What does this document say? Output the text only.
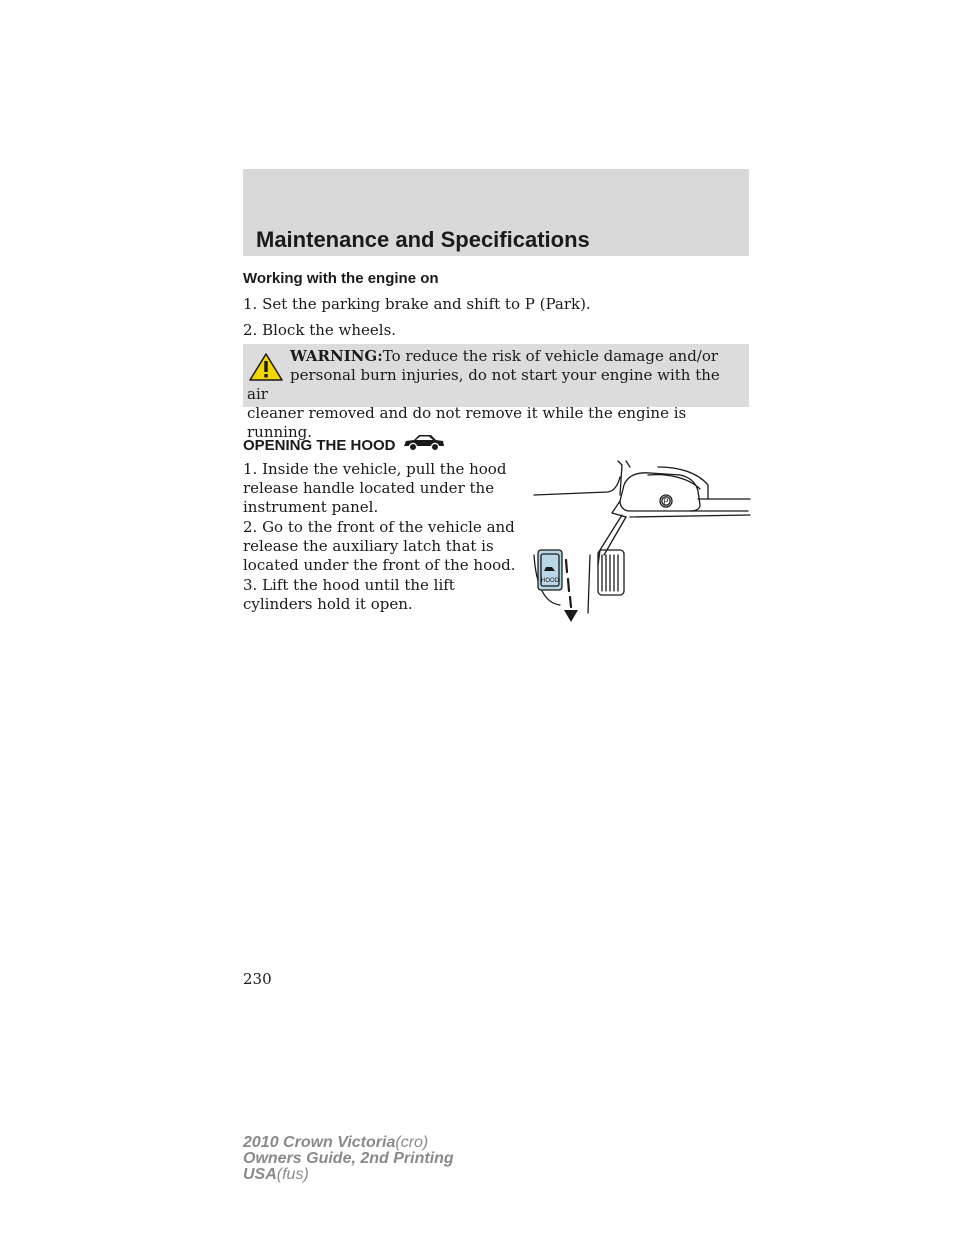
Maintenance and Specifications
Working with the engine on
1. Set the parking brake and shift to P (Park).
2. Block the wheels.
WARNING:To reduce the risk of vehicle damage and/or
personal burn injuries, do not start your engine with the air
cleaner removed and do not remove it while the engine is running.
OPENING THE HOOD
1. Inside the vehicle, pull the hood
release handle located under the
instrument panel.
2. Go to the front of the vehicle and
release the auxiliary latch that is
located under the front of the hood.
3. Lift the hood until the lift
cylinders hold it open.
P
HOOD
230
2010 Crown Victoria(cro)
Owners Guide, 2nd Printing
USA(fus)
